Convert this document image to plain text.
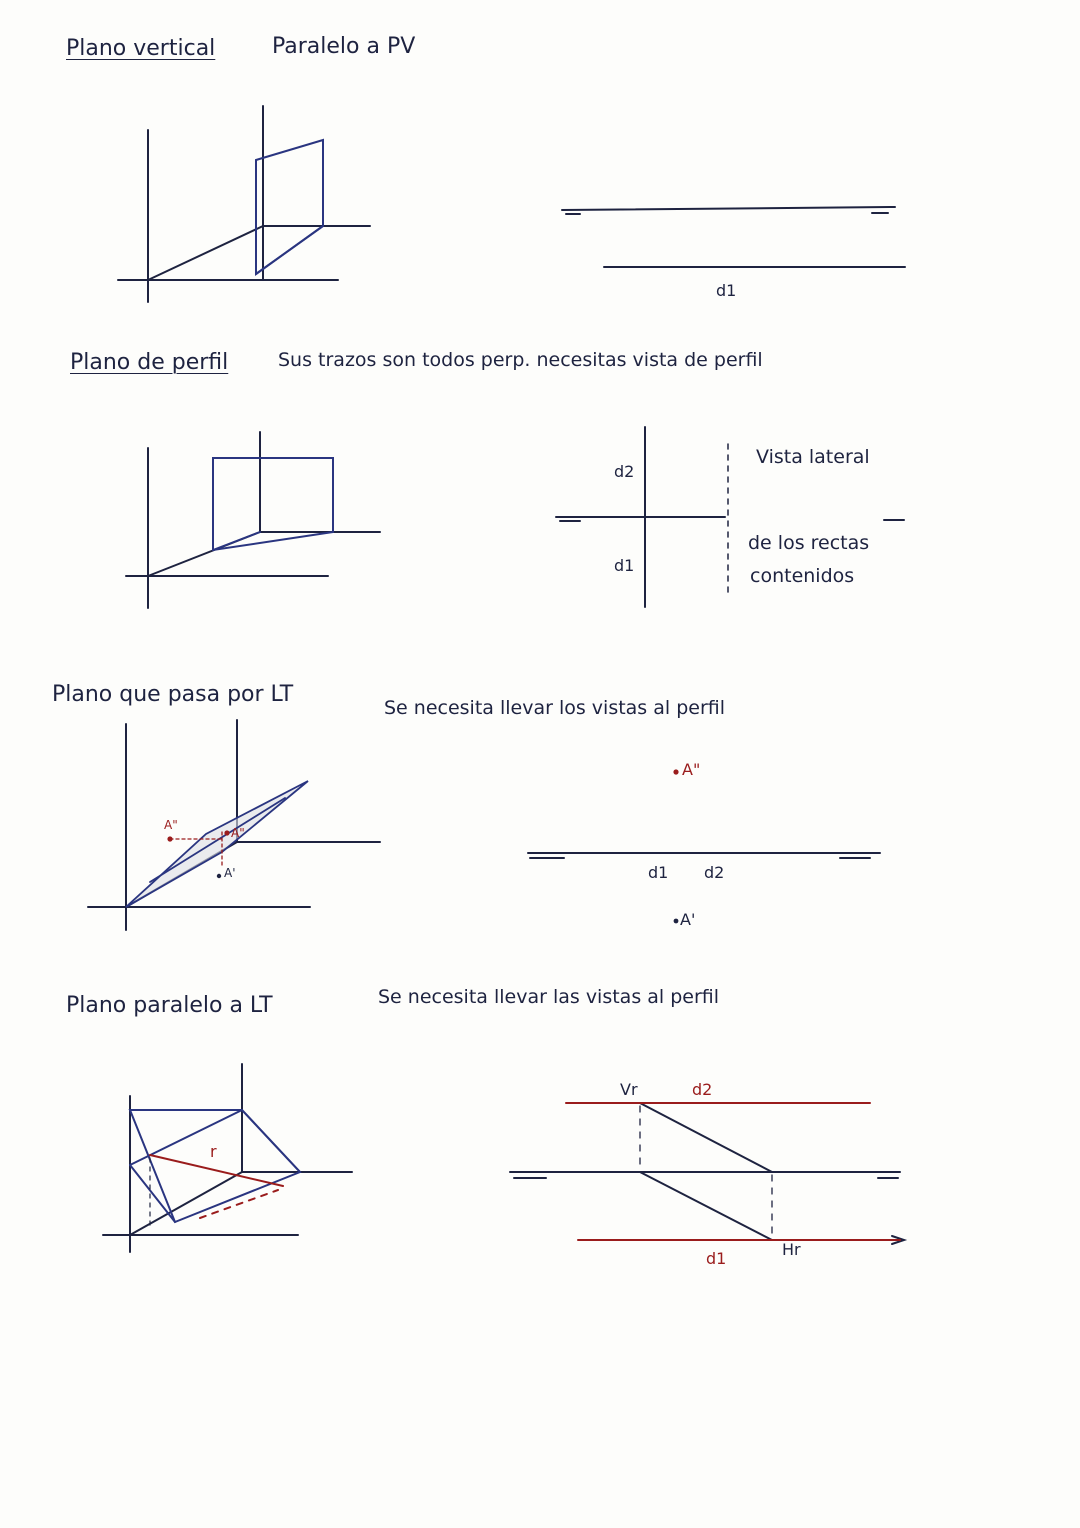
Plano vertical	Paralelo a PV
d1
Plano de perfil	Sus trazos son todos perp. necesitas vista de perfil
d2
d1
Vista lateral
de los rectas
contenidos
Plano que pasa por LT
Se necesita llevar los vistas al perfil
A"
A"
A'
A"
d1 d2
A'
Plano paralelo a LT	Se necesita llevar las vistas al perfil
r
Vr	d2
Hr
d1
